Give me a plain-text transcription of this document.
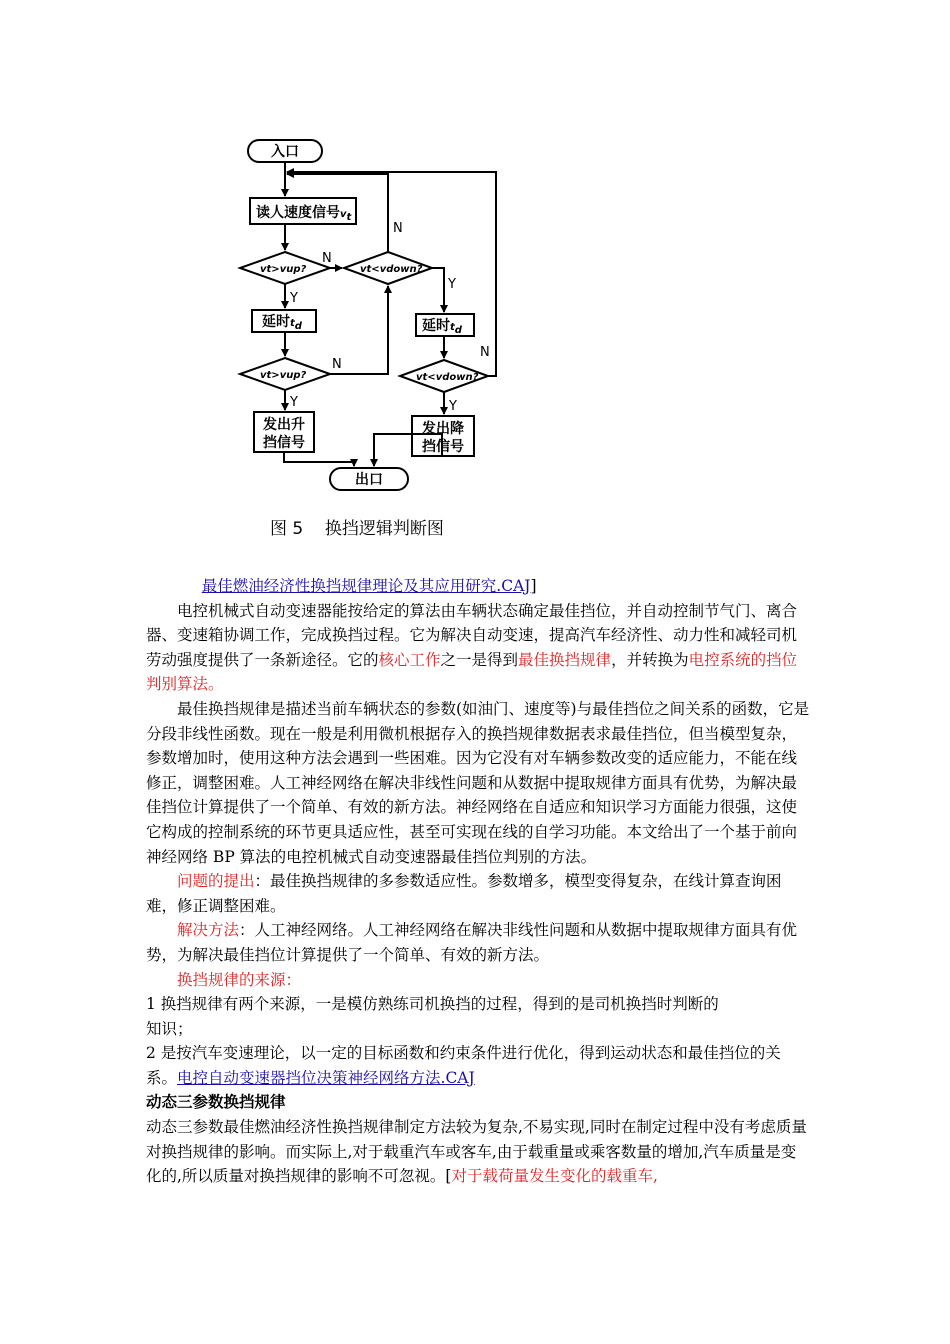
入口
读人速度信号$v_t$
vt>vup?	vt<vdown?
延时$t_d$	延时$t_d$
vt>vup?	vt<vdown?
发出升
挡信号
发出降
挡信号
出口
Y
N
Y
N
N
Y
N
Y
图 5    换挡逻辑判断图

最佳燃油经济性换挡规律理论及其应用研究.CAJ]

电控机械式自动变速器能按给定的算法由车辆状态确定最佳挡位，并自动控制节气门、离合器、变速箱协调工作，完成换挡过程。它为解决自动变速，提高汽车经济性、动力性和减轻司机劳动强度提供了一条新途径。它的核心工作之一是得到最佳换挡规律，并转换为电控系统的挡位判别算法。

最佳换挡规律是描述当前车辆状态的参数(如油门、速度等)与最佳挡位之间关系的函数，它是分段非线性函数。现在一般是利用微机根据存入的换挡规律数据表求最佳挡位，但当模型复杂，参数增加时，使用这种方法会遇到一些困难。因为它没有对车辆参数改变的适应能力，不能在线修正，调整困难。人工神经网络在解决非线性问题和从数据中提取规律方面具有优势，为解决最佳挡位计算提供了一个简单、有效的新方法。神经网络在自适应和知识学习方面能力很强，这使它构成的控制系统的环节更具适应性，甚至可实现在线的自学习功能。本文给出了一个基于前向神经网络 BP 算法的电控机械式自动变速器最佳挡位判别的方法。

问题的提出：最佳换挡规律的多参数适应性。参数增多，模型变得复杂，在线计算查询困难，修正调整困难。

解决方法：人工神经网络。人工神经网络在解决非线性问题和从数据中提取规律方面具有优势，为解决最佳挡位计算提供了一个简单、有效的新方法。

换挡规律的来源：

1 换挡规律有两个来源，一是模仿熟练司机换挡的过程，得到的是司机换挡时判断的

知识；

2 是按汽车变速理论，以一定的目标函数和约束条件进行优化，得到运动状态和最佳挡位的关系。电控自动变速器挡位决策神经网络方法.CAJ

动态三参数换挡规律

动态三参数最佳燃油经济性换挡规律制定方法较为复杂,不易实现,同时在制定过程中没有考虑质量对换挡规律的影响。而实际上,对于载重汽车或客车,由于载重量或乘客数量的增加,汽车质量是变化的,所以质量对换挡规律的影响不可忽视。[对于载荷量发生变化的载重车,
